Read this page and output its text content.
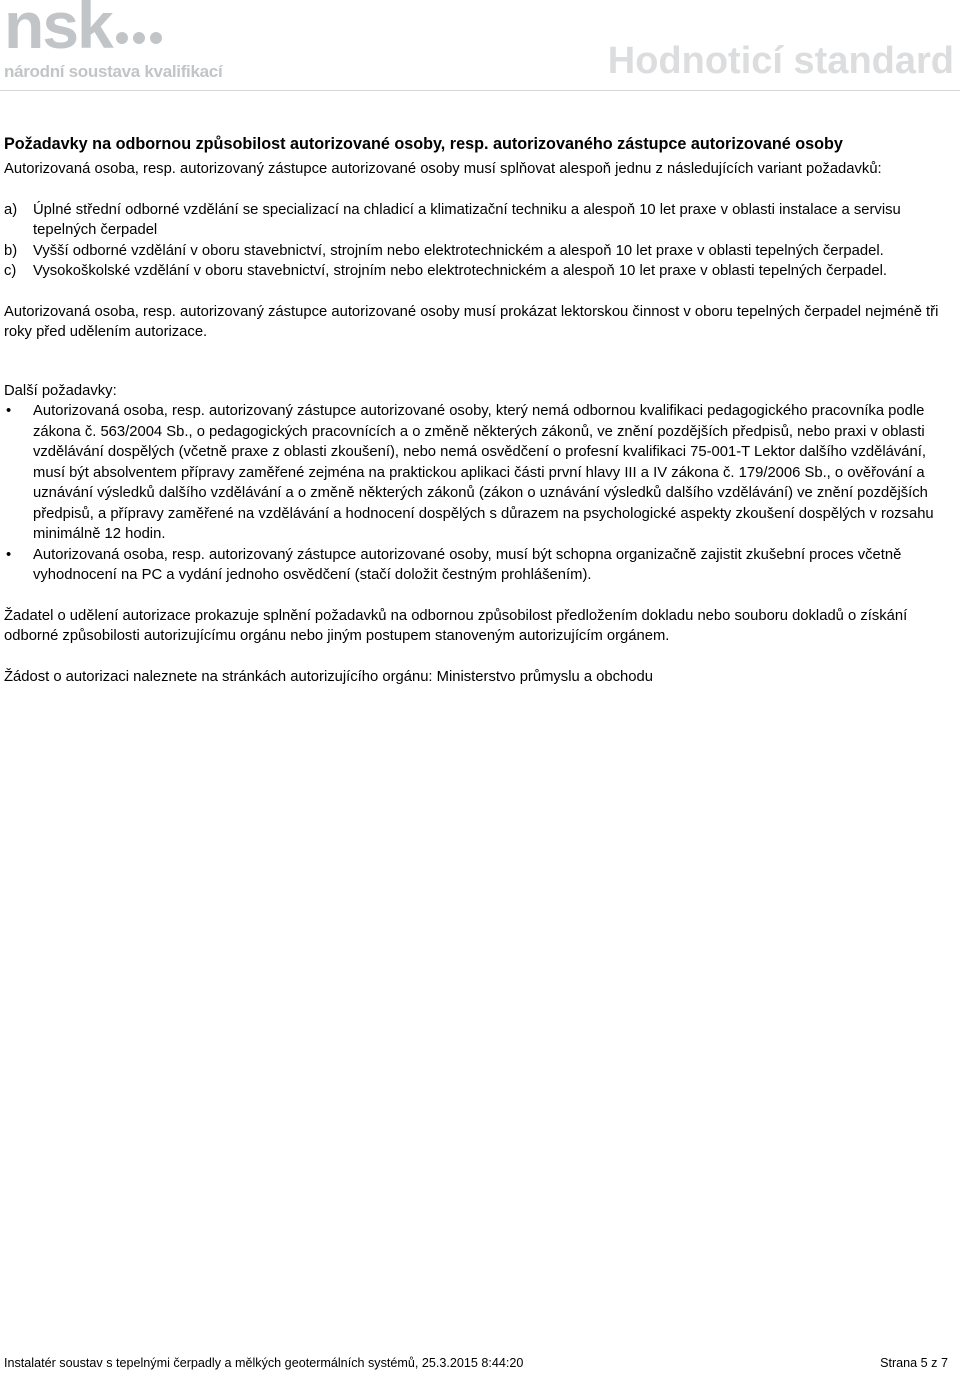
nsk
národní soustava kvalifikací	Hodnoticí standard
Požadavky na odbornou způsobilost autorizované osoby, resp. autorizovaného zástupce autorizované osoby

Autorizovaná osoba, resp. autorizovaný zástupce autorizované osoby musí splňovat alespoň jednu z následujících variant požadavků:

a) Úplné střední odborné vzdělání se specializací na chladicí a klimatizační techniku a alespoň 10 let praxe v oblasti instalace a servisu tepelných čerpadel
b) Vyšší odborné vzdělání v oboru stavebnictví, strojním nebo elektrotechnickém a alespoň 10 let praxe v oblasti tepelných čerpadel.
c) Vysokoškolské vzdělání v oboru stavebnictví, strojním nebo elektrotechnickém a alespoň 10 let praxe v oblasti tepelných čerpadel.

Autorizovaná osoba, resp. autorizovaný zástupce autorizované osoby musí prokázat lektorskou činnost v oboru tepelných čerpadel nejméně tři roky před udělením autorizace.

Další požadavky:

• Autorizovaná osoba, resp. autorizovaný zástupce autorizované osoby, který nemá odbornou kvalifikaci pedagogického pracovníka podle zákona č. 563/2004 Sb., o pedagogických pracovnících a o změně některých zákonů, ve znění pozdějších předpisů, nebo praxi v oblasti vzdělávání dospělých (včetně praxe z oblasti zkoušení), nebo nemá osvědčení o profesní kvalifikaci 75-001-T Lektor dalšího vzdělávání, musí být absolventem přípravy zaměřené zejména na praktickou aplikaci části první hlavy III a IV zákona č. 179/2006 Sb., o ověřování a uznávání výsledků dalšího vzdělávání a o změně některých zákonů (zákon o uznávání výsledků dalšího vzdělávání) ve znění pozdějších předpisů, a přípravy zaměřené na vzdělávání a hodnocení dospělých s důrazem na psychologické aspekty zkoušení dospělých v rozsahu minimálně 12 hodin.
• Autorizovaná osoba, resp. autorizovaný zástupce autorizované osoby, musí být schopna organizačně zajistit zkušební proces včetně vyhodnocení na PC a vydání jednoho osvědčení (stačí doložit čestným prohlášením).

Žadatel o udělení autorizace prokazuje splnění požadavků na odbornou způsobilost předložením dokladu nebo souboru dokladů o získání odborné způsobilosti autorizujícímu orgánu nebo jiným postupem stanoveným autorizujícím orgánem.

Žádost o autorizaci naleznete na stránkách autorizujícího orgánu: Ministerstvo průmyslu a obchodu

Instalatér soustav s tepelnými čerpadly a mělkých geotermálních systémů, 25.3.2015 8:44:20	Strana 5 z 7
